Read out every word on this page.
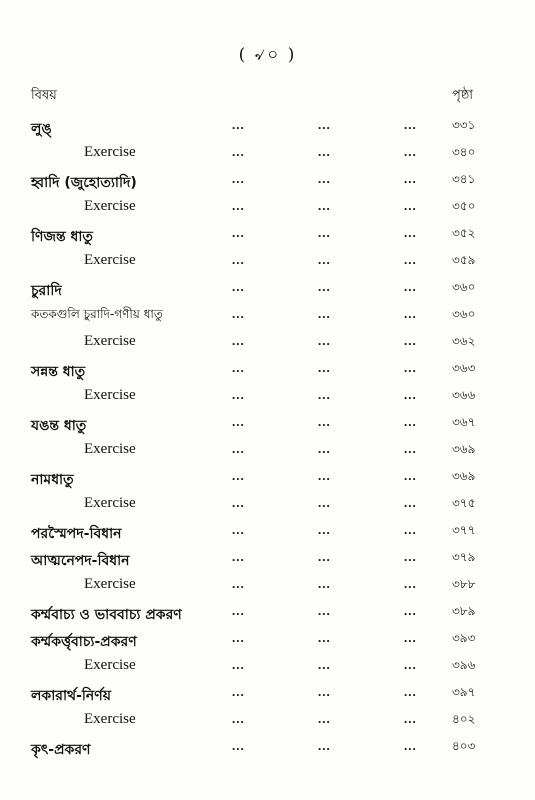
( ৵০ )
বিষয়	পৃষ্ঠা
লুঙ্	...	...	...	৩৩১
Exercise	...	...	...	৩৪০
হ্বাদি (জুহোত্যাদি)	...	...	...	৩৪১
Exercise	...	...	...	৩৫০
ণিজন্ত ধাতু	...	...	...	৩৫২
Exercise	...	...	...	৩৫৯
চুরাদি	...	...	...	৩৬০
কতকগুলি চুরাদি-গণীয় ধাতু	...	...	...	৩৬০
Exercise	...	...	...	৩৬২
সন্নন্ত ধাতু	...	...	...	৩৬৩
Exercise	...	...	...	৩৬৬
যঙন্ত ধাতু	...	...	...	৩৬৭
Exercise	...	...	...	৩৬৯
নামধাতু	...	...	...	৩৬৯
Exercise	...	...	...	৩৭৫
পরস্মৈপদ-বিধান	...	...	...	৩৭৭
আত্মনেপদ-বিধান	...	...	...	৩৭৯
Exercise	...	...	...	৩৮৮
কর্ম্মবাচ্য ও ভাববাচ্য প্রকরণ	...	...	...	৩৮৯
কর্ম্মকর্ত্তৃবাচ্য-প্রকরণ	...	...	...	৩৯৩
Exercise	...	...	...	৩৯৬
লকারার্থ-নির্ণয়	...	...	...	৩৯৭
Exercise	...	...	...	৪০২
কৃৎ-প্রকরণ	...	...	...	৪০৩
